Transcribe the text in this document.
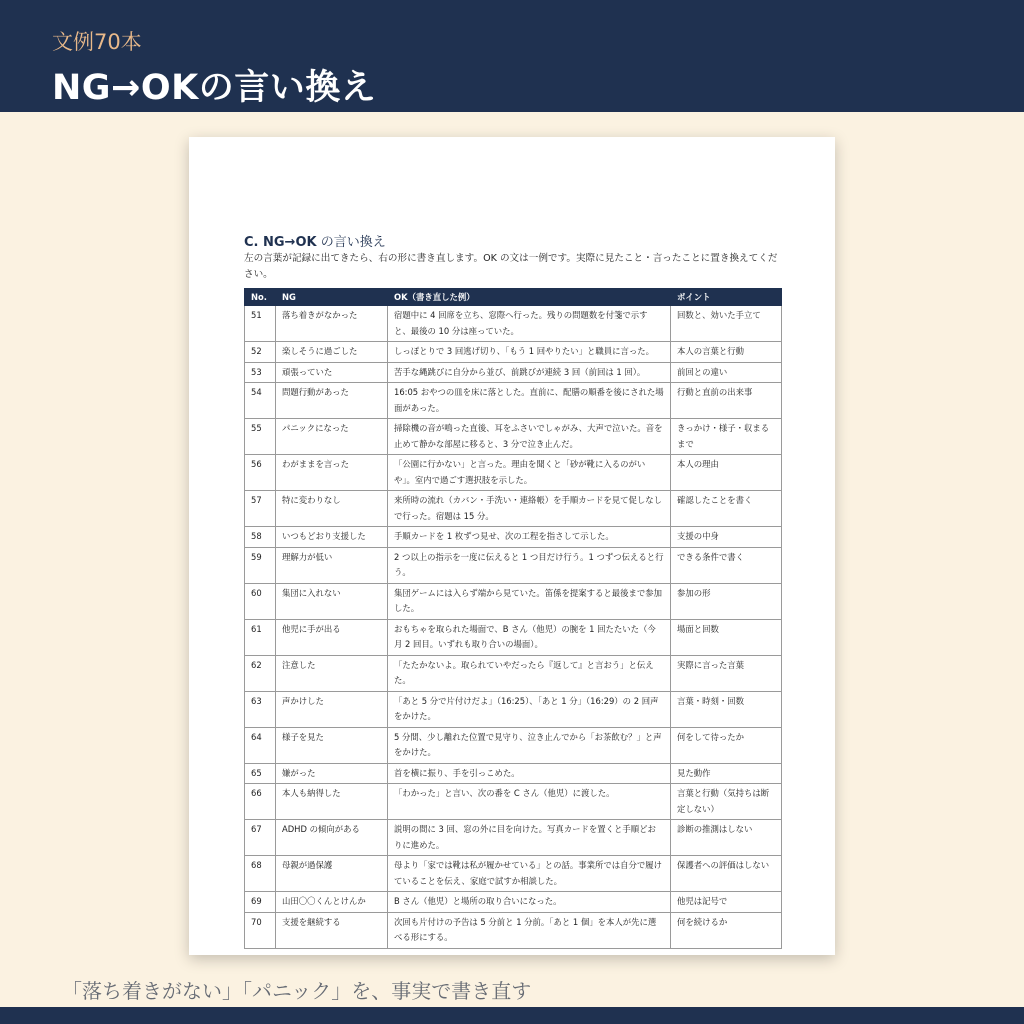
文例70本
NG→OKの言い換え
C. NG→OK の言い換え
左の言葉が記録に出てきたら、右の形に書き直します。OK の文は一例です。実際に見たこと・言ったことに置き換えてください。
No.	NG	OK（書き直した例）	ポイント
51	落ち着きがなかった	宿題中に 4 回席を立ち、窓際へ行った。残りの問題数を付箋で示すと、最後の 10 分は座っていた。	回数と、効いた手立て
52	楽しそうに過ごした	しっぽとりで 3 回逃げ切り、「もう 1 回やりたい」と職員に言った。	本人の言葉と行動
53	頑張っていた	苦手な縄跳びに自分から並び、前跳びが連続 3 回（前回は 1 回）。	前回との違い
54	問題行動があった	16:05 おやつの皿を床に落とした。直前に、配膳の順番を後にされた場面があった。	行動と直前の出来事
55	パニックになった	掃除機の音が鳴った直後、耳をふさいでしゃがみ、大声で泣いた。音を止めて静かな部屋に移ると、3 分で泣き止んだ。	きっかけ・様子・収まるまで
56	わがままを言った	「公園に行かない」と言った。理由を聞くと「砂が靴に入るのがいや」。室内で過ごす選択肢を示した。	本人の理由
57	特に変わりなし	来所時の流れ（カバン・手洗い・連絡帳）を手順カードを見て促しなしで行った。宿題は 15 分。	確認したことを書く
58	いつもどおり支援した	手順カードを 1 枚ずつ見せ、次の工程を指さして示した。	支援の中身
59	理解力が低い	2 つ以上の指示を一度に伝えると 1 つ目だけ行う。1 つずつ伝えると行う。	できる条件で書く
60	集団に入れない	集団ゲームには入らず端から見ていた。笛係を提案すると最後まで参加した。	参加の形
61	他児に手が出る	おもちゃを取られた場面で、B さん（他児）の腕を 1 回たたいた（今月 2 回目。いずれも取り合いの場面）。	場面と回数
62	注意した	「たたかないよ。取られていやだったら『返して』と言おう」と伝えた。	実際に言った言葉
63	声かけした	「あと 5 分で片付けだよ」（16:25）、「あと 1 分」（16:29）の 2 回声をかけた。	言葉・時刻・回数
64	様子を見た	5 分間、少し離れた位置で見守り、泣き止んでから「お茶飲む？」と声をかけた。	何をして待ったか
65	嫌がった	首を横に振り、手を引っこめた。	見た動作
66	本人も納得した	「わかった」と言い、次の番を C さん（他児）に渡した。	言葉と行動（気持ちは断定しない）
67	ADHD の傾向がある	説明の間に 3 回、窓の外に目を向けた。写真カードを置くと手順どおりに進めた。	診断の推測はしない
68	母親が過保護	母より「家では靴は私が履かせている」との話。事業所では自分で履けていることを伝え、家庭で試すか相談した。	保護者への評価はしない
69	山田〇〇くんとけんか	B さん（他児）と場所の取り合いになった。	他児は記号で
70	支援を継続する	次回も片付けの予告は 5 分前と 1 分前。「あと 1 個」を本人が先に選べる形にする。	何を続けるか
「落ち着きがない」「パニック」を、事実で書き直す
